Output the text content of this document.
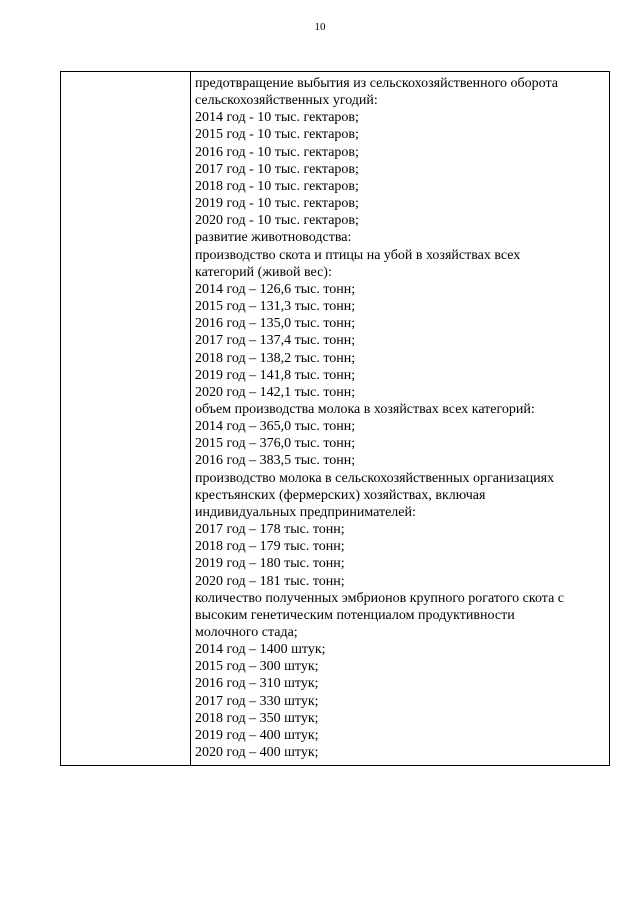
10
предотвращение выбытия из сельскохозяйственного оборота
сельскохозяйственных угодий:
2014 год - 10 тыс. гектаров;
2015 год - 10 тыс. гектаров;
2016 год - 10 тыс. гектаров;
2017 год - 10 тыс. гектаров;
2018 год - 10 тыс. гектаров;
2019 год - 10 тыс. гектаров;
2020 год - 10 тыс. гектаров;
развитие животноводства:
производство скота и птицы на убой в хозяйствах всех
категорий (живой вес):
2014 год – 126,6 тыс. тонн;
2015 год – 131,3 тыс. тонн;
2016 год – 135,0 тыс. тонн;
2017 год – 137,4 тыс. тонн;
2018 год – 138,2 тыс. тонн;
2019 год – 141,8 тыс. тонн;
2020 год – 142,1 тыс. тонн;
объем производства молока в хозяйствах всех категорий:
2014 год – 365,0 тыс. тонн;
2015 год – 376,0 тыс. тонн;
2016 год – 383,5 тыс. тонн;
производство молока в сельскохозяйственных организациях
крестьянских (фермерских) хозяйствах, включая
индивидуальных предпринимателей:
2017 год – 178 тыс. тонн;
2018 год – 179 тыс. тонн;
2019 год – 180 тыс. тонн;
2020 год – 181 тыс. тонн;
количество полученных эмбрионов крупного рогатого скота с
высоким генетическим потенциалом продуктивности
молочного стада;
2014 год – 1400 штук;
2015 год – 300 штук;
2016 год – 310 штук;
2017 год – 330 штук;
2018 год – 350 штук;
2019 год – 400 штук;
2020 год – 400 штук;
